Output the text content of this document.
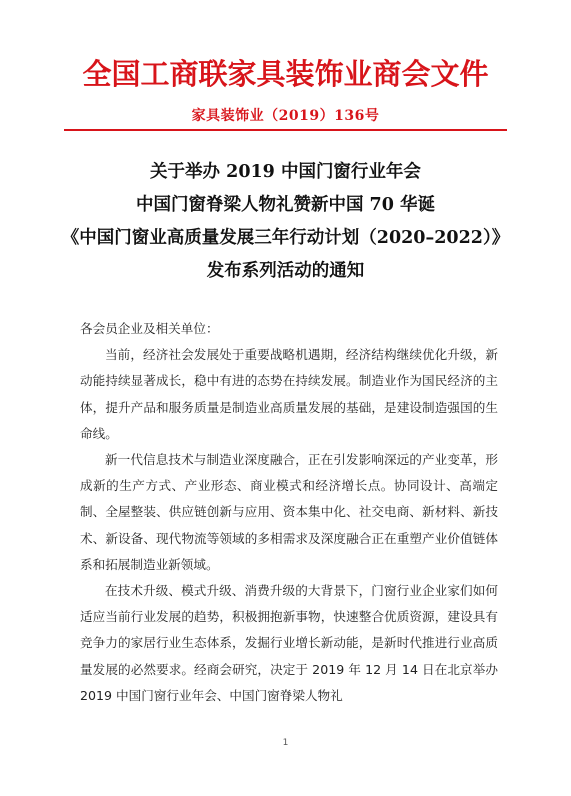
全国工商联家具装饰业商会文件
家具装饰业（2019）136号
关于举办 2019 中国门窗行业年会
中国门窗脊梁人物礼赞新中国 70 华诞
《中国门窗业高质量发展三年行动计划（2020–2022）》
发布系列活动的通知

各会员企业及相关单位：

当前，经济社会发展处于重要战略机遇期，经济结构继续优化升级，新动能持续显著成长，稳中有进的态势在持续发展。制造业作为国民经济的主体，提升产品和服务质量是制造业高质量发展的基础，是建设制造强国的生命线。

新一代信息技术与制造业深度融合，正在引发影响深远的产业变革，形成新的生产方式、产业形态、商业模式和经济增长点。协同设计、高端定制、全屋整装、供应链创新与应用、资本集中化、社交电商、新材料、新技术、新设备、现代物流等领域的多相需求及深度融合正在重塑产业价值链体系和拓展制造业新领域。

在技术升级、模式升级、消费升级的大背景下，门窗行业企业家们如何适应当前行业发展的趋势，积极拥抱新事物，快速整合优质资源，建设具有竞争力的家居行业生态体系，发掘行业增长新动能，是新时代推进行业高质量发展的必然要求。经商会研究，决定于 2019 年 12 月 14 日在北京举办 2019 中国门窗行业年会、中国门窗脊梁人物礼

1
